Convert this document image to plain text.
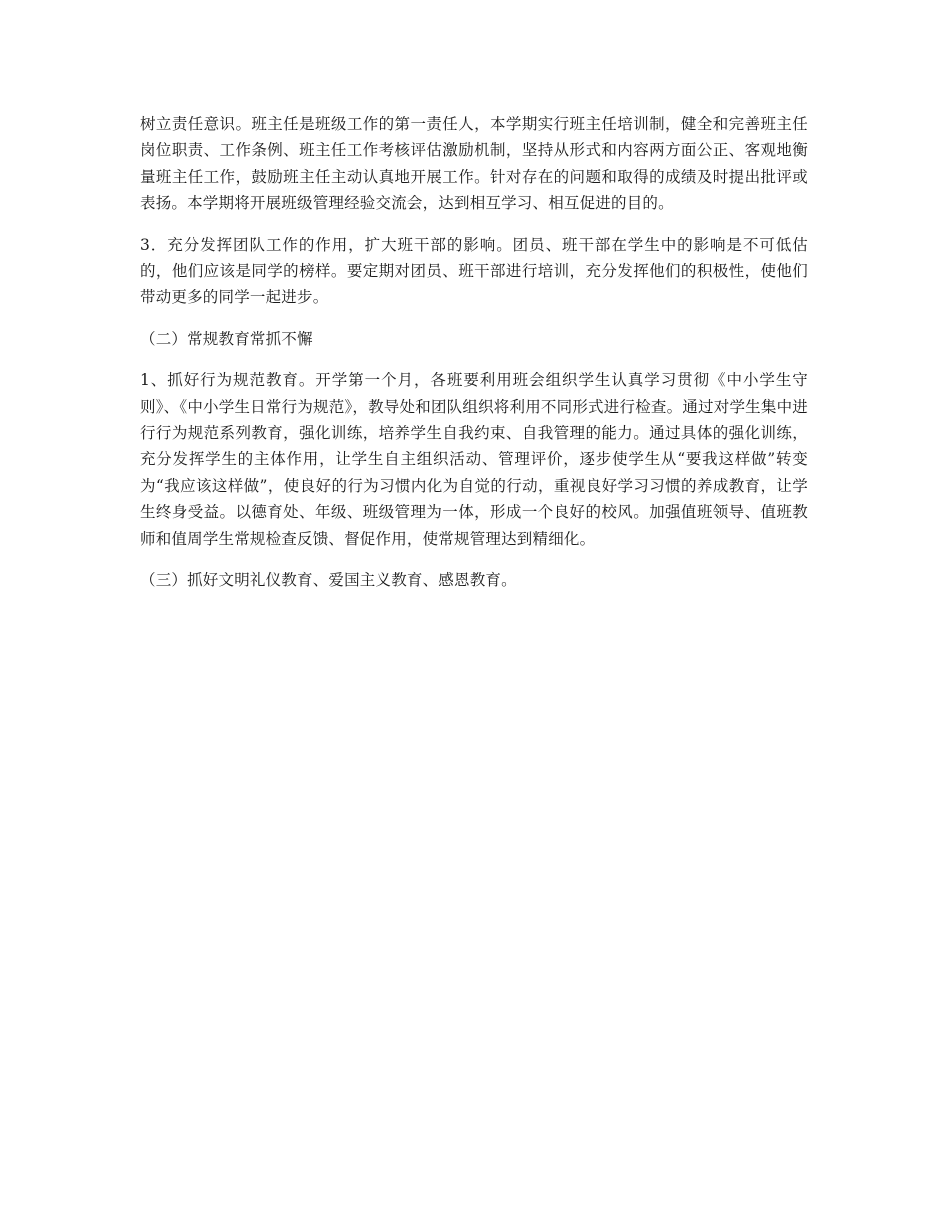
树立责任意识。班主任是班级工作的第一责任人，本学期实行班主任培训制，健全和完善班主任岗位职责、工作条例、班主任工作考核评估激励机制，坚持从形式和内容两方面公正、客观地衡量班主任工作，鼓励班主任主动认真地开展工作。针对存在的问题和取得的成绩及时提出批评或表扬。本学期将开展班级管理经验交流会，达到相互学习、相互促进的目的。

3．充分发挥团队工作的作用，扩大班干部的影响。团员、班干部在学生中的影响是不可低估的，他们应该是同学的榜样。要定期对团员、班干部进行培训，充分发挥他们的积极性，使他们带动更多的同学一起进步。

（二）常规教育常抓不懈

1、抓好行为规范教育。开学第一个月，各班要利用班会组织学生认真学习贯彻《中小学生守则》、《中小学生日常行为规范》，教导处和团队组织将利用不同形式进行检查。通过对学生集中进行行为规范系列教育，强化训练，培养学生自我约束、自我管理的能力。通过具体的强化训练，充分发挥学生的主体作用，让学生自主组织活动、管理评价，逐步使学生从“要我这样做”转变为“我应该这样做”，使良好的行为习惯内化为自觉的行动，重视良好学习习惯的养成教育，让学生终身受益。以德育处、年级、班级管理为一体，形成一个良好的校风。加强值班领导、值班教师和值周学生常规检查反馈、督促作用，使常规管理达到精细化。

（三）抓好文明礼仪教育、爱国主义教育、感恩教育。
